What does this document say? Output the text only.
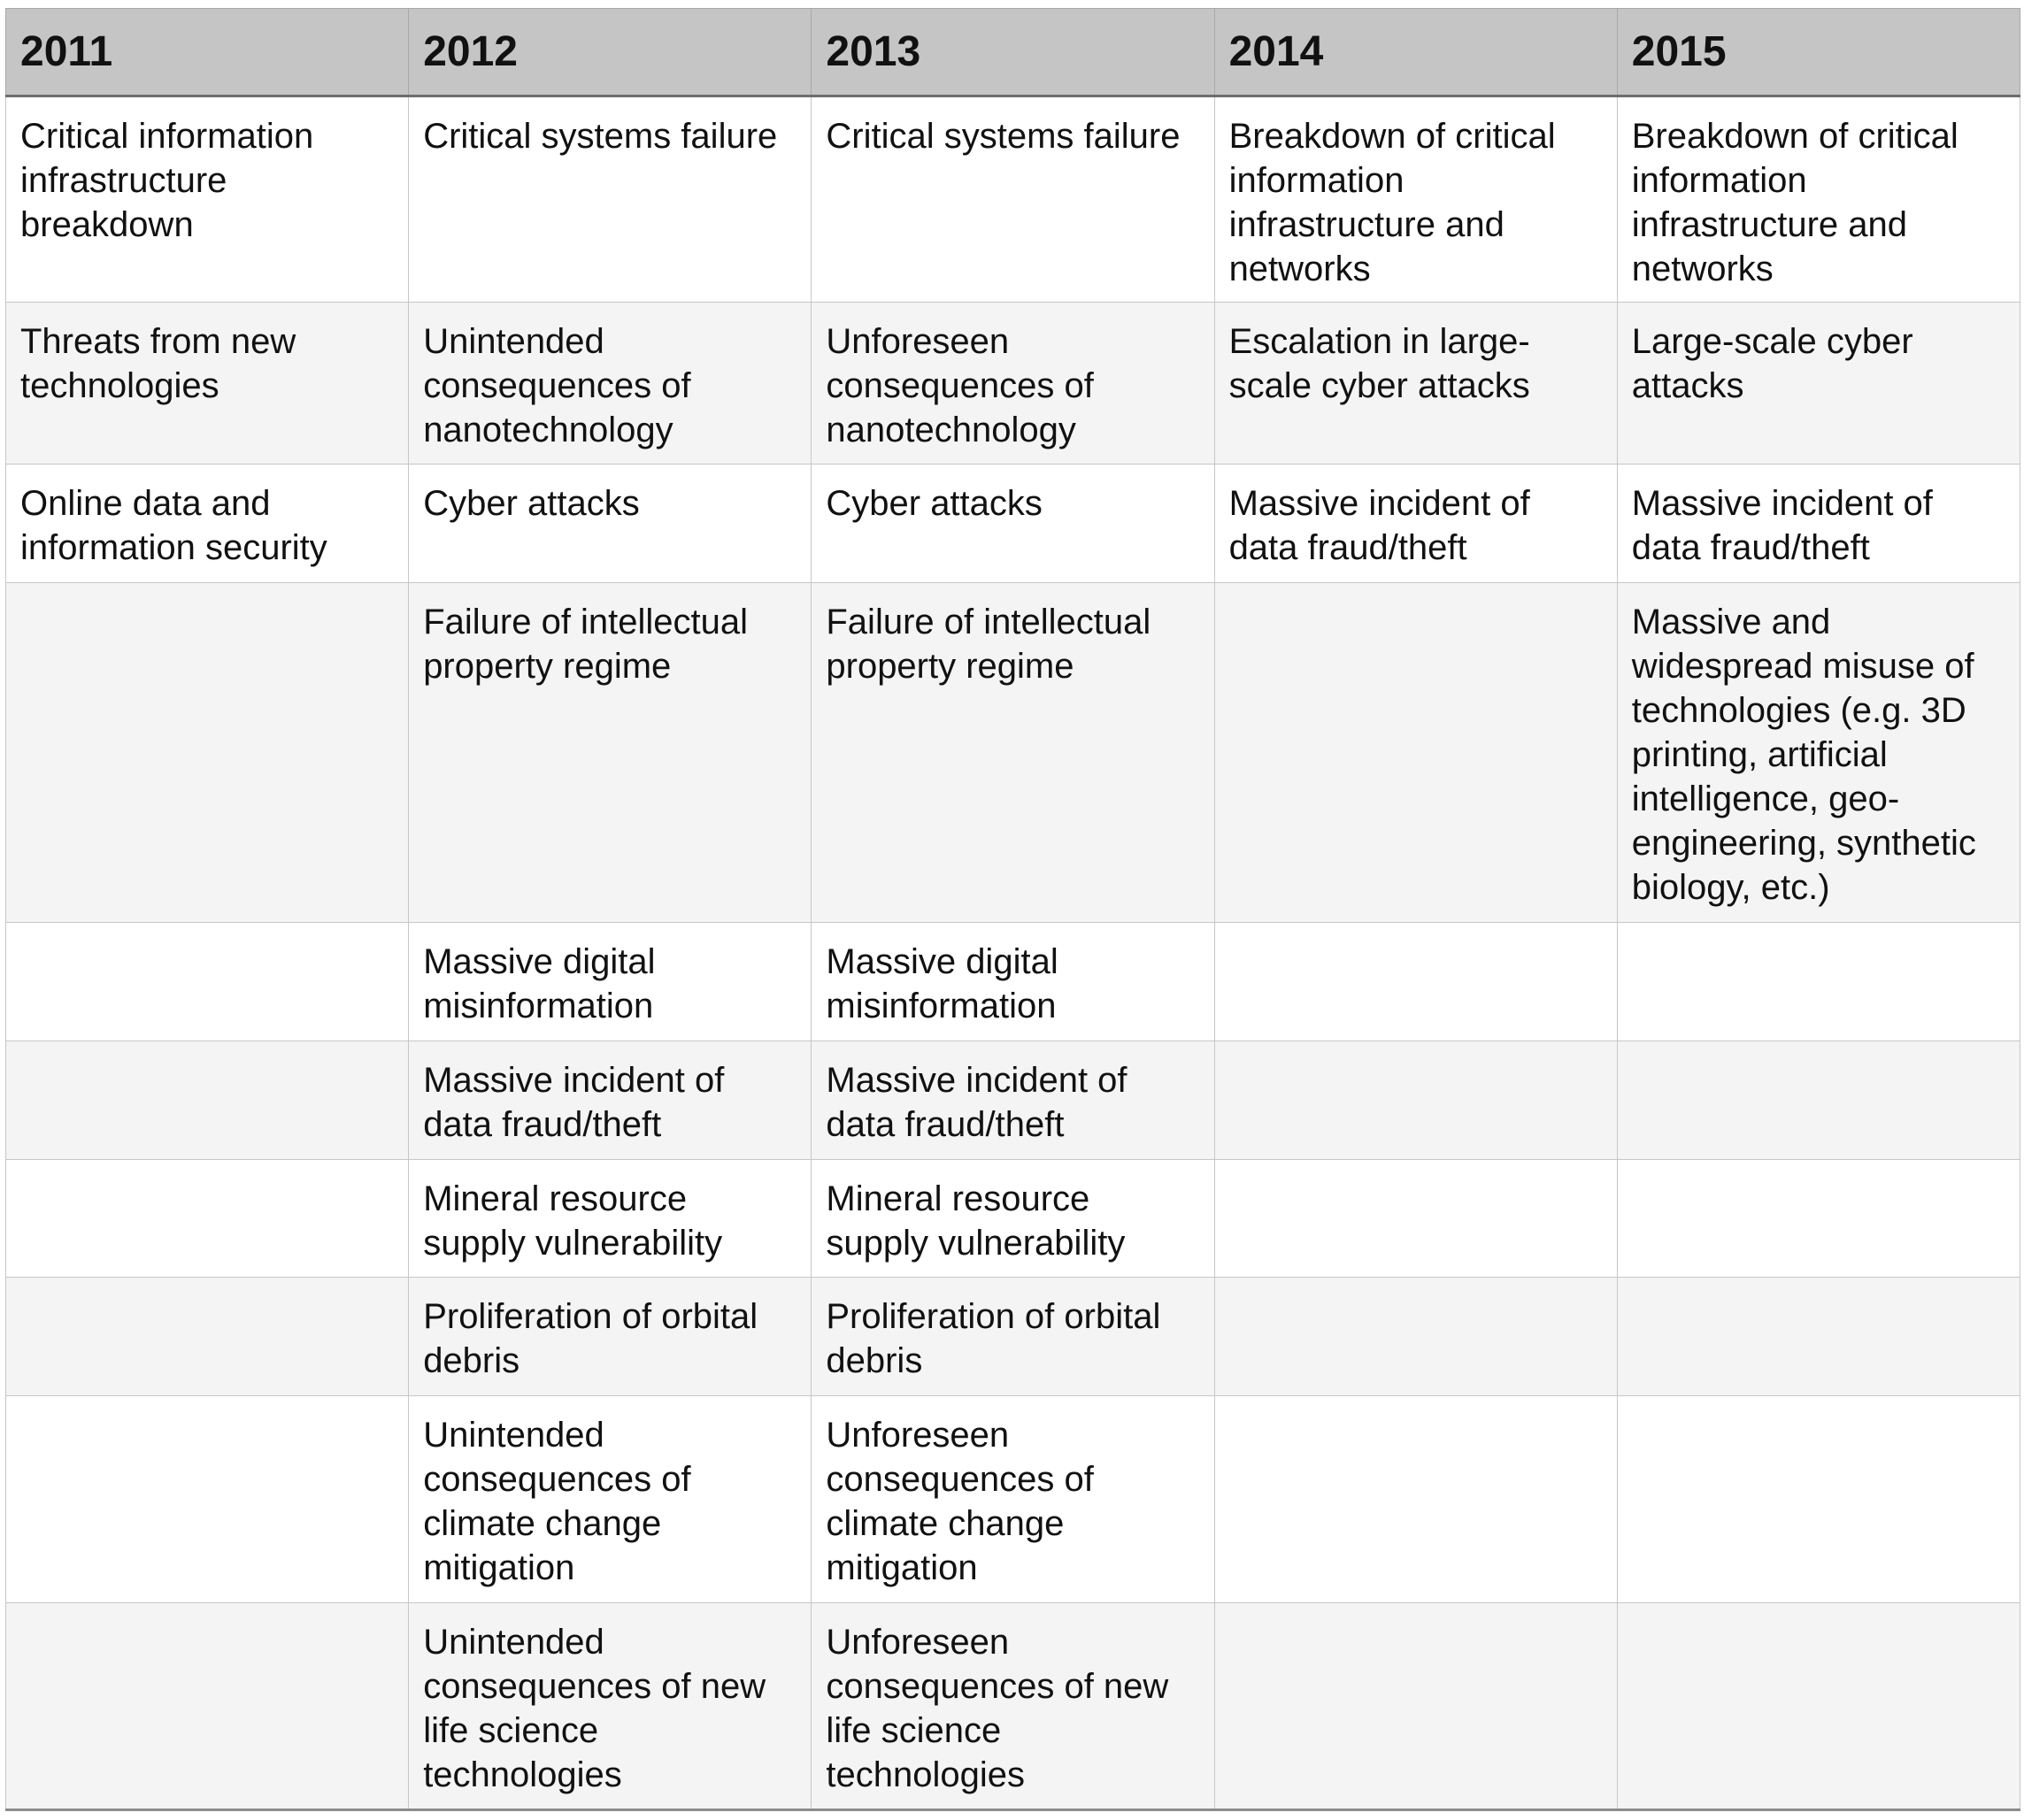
2011	2012	2013	2014	2015
Critical information infrastructure breakdown	Critical systems failure	Critical systems failure	Breakdown of critical information infrastructure and networks	Breakdown of critical information infrastructure and networks
Threats from new technologies	Unintended consequences of nanotechnology	Unforeseen consequences of nanotechnology	Escalation in large-scale cyber attacks	Large-scale cyber attacks
Online data and information security	Cyber attacks	Cyber attacks	Massive incident of data fraud/theft	Massive incident of data fraud/theft
	Failure of intellectual property regime	Failure of intellectual property regime		Massive and widespread misuse of technologies (e.g. 3D printing, artificial intelligence, geo-engineering, synthetic biology, etc.)
	Massive digital misinformation	Massive digital misinformation		
	Massive incident of data fraud/theft	Massive incident of data fraud/theft		
	Mineral resource supply vulnerability	Mineral resource supply vulnerability		
	Proliferation of orbital debris	Proliferation of orbital debris		
	Unintended consequences of climate change mitigation	Unforeseen consequences of climate change mitigation		
	Unintended consequences of new life science technologies	Unforeseen consequences of new life science technologies		
